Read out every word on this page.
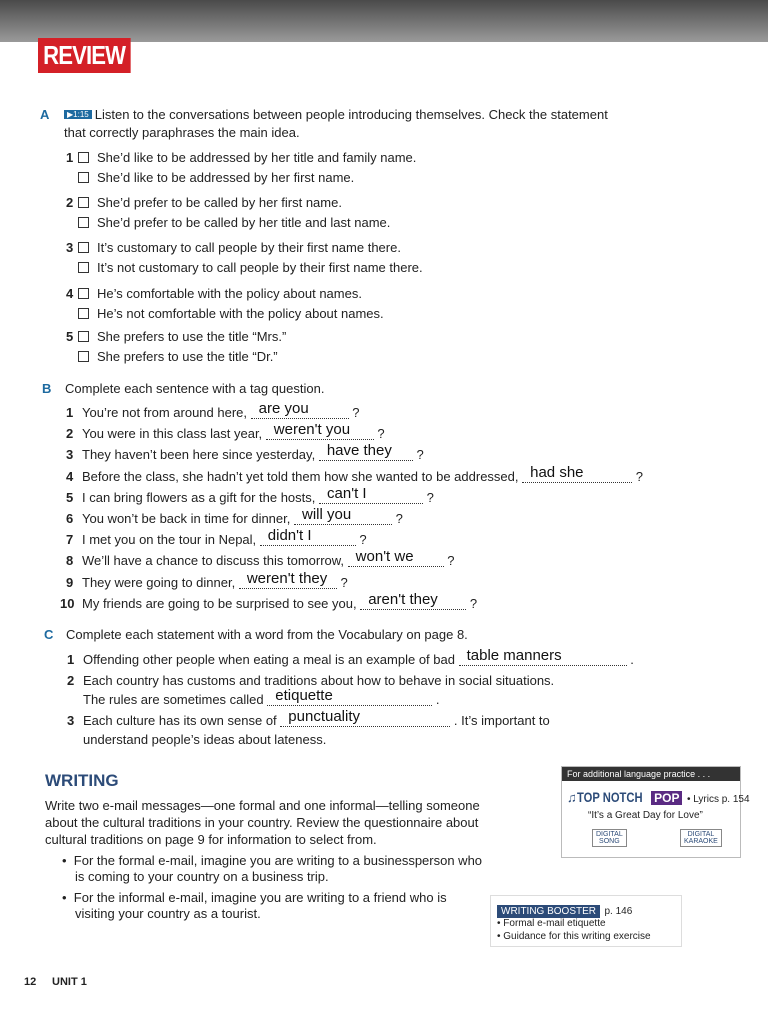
REVIEW
A	▶1:15 Listen to the conversations between people introducing themselves. Check the statement
that correctly paraphrases the main idea.
1 She’d like to be addressed by her title and family name.
She’d like to be addressed by her first name.
2 She’d prefer to be called by her first name.
She’d prefer to be called by her title and last name.
3 It’s customary to call people by their first name there.
It’s not customary to call people by their first name there.
4 He’s comfortable with the policy about names.
He’s not comfortable with the policy about names.
5 She prefers to use the title “Mrs.”
She prefers to use the title “Dr.”
B Complete each sentence with a tag question.
1 You’re not from around here, are you	?
2 You were in this class last year, weren't you ?
3 They haven’t been here since yesterday, have they ?
4 Before the class, she hadn’t yet told them how she wanted to be addressed, had she	?
5 I can bring flowers as a gift for the hosts, can't I	?
6 You won’t be back in time for dinner, will you	?
7 I met you on the tour in Nepal, didn't I	?
8 We’ll have a chance to discuss this tomorrow, won't we	?
9 They were going to dinner, weren't they ?
10 My friends are going to be surprised to see you, aren't they ?
C Complete each statement with a word from the Vocabulary on page 8.
1 Offending other people when eating a meal is an example of bad table manners	.
2 Each country has customs and traditions about how to behave in social situations.
The rules are sometimes called etiquette	.
3 Each culture has its own sense of punctuality	. It’s important to
understand people’s ideas about lateness.
WRITING
Write two e-mail messages—one formal and one informal—telling someone
about the cultural traditions in your country. Review the questionnaire about
cultural traditions on page 9 for information to select from.
•  For the formal e-mail, imagine you are writing to a businessperson who
is coming to your country on a business trip.
•  For the informal e-mail, imagine you are writing to a friend who is
visiting your country as a tourist.
For additional language practice . . .
♫TOP NOTCH POP • Lyrics p. 154
“It’s a Great Day for Love”
DIGITAL
SONG
DIGITAL
KARAOKE
WRITING BOOSTER p. 146
• Formal e-mail etiquette
• Guidance for this writing exercise
12 UNIT 1
